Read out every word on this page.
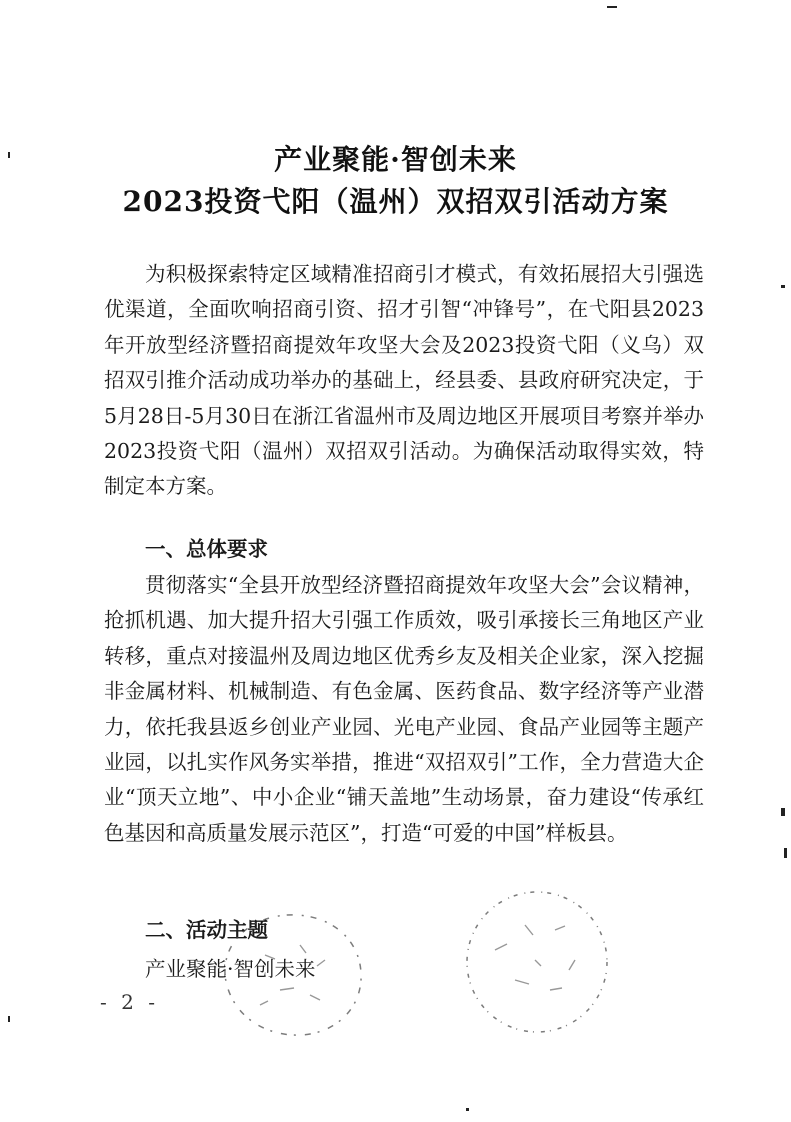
产业聚能·智创未来
2023投资弋阳（温州）双招双引活动方案
为积极探索特定区域精准招商引才模式，有效拓展招大引强选优渠道，全面吹响招商引资、招才引智“冲锋号”，在弋阳县2023年开放型经济暨招商提效年攻坚大会及2023投资弋阳（义乌）双招双引推介活动成功举办的基础上，经县委、县政府研究决定，于5月28日-5月30日在浙江省温州市及周边地区开展项目考察并举办2023投资弋阳（温州）双招双引活动。为确保活动取得实效，特制定本方案。
一、总体要求
贯彻落实“全县开放型经济暨招商提效年攻坚大会”会议精神，抢抓机遇、加大提升招大引强工作质效，吸引承接长三角地区产业转移，重点对接温州及周边地区优秀乡友及相关企业家，深入挖掘非金属材料、机械制造、有色金属、医药食品、数字经济等产业潜力，依托我县返乡创业产业园、光电产业园、食品产业园等主题产业园，以扎实作风务实举措，推进“双招双引”工作，全力营造大企业“顶天立地”、中小企业“铺天盖地”生动场景，奋力建设“传承红色基因和高质量发展示范区”，打造“可爱的中国”样板县。
二、活动主题
产业聚能·智创未来
- 2 -
